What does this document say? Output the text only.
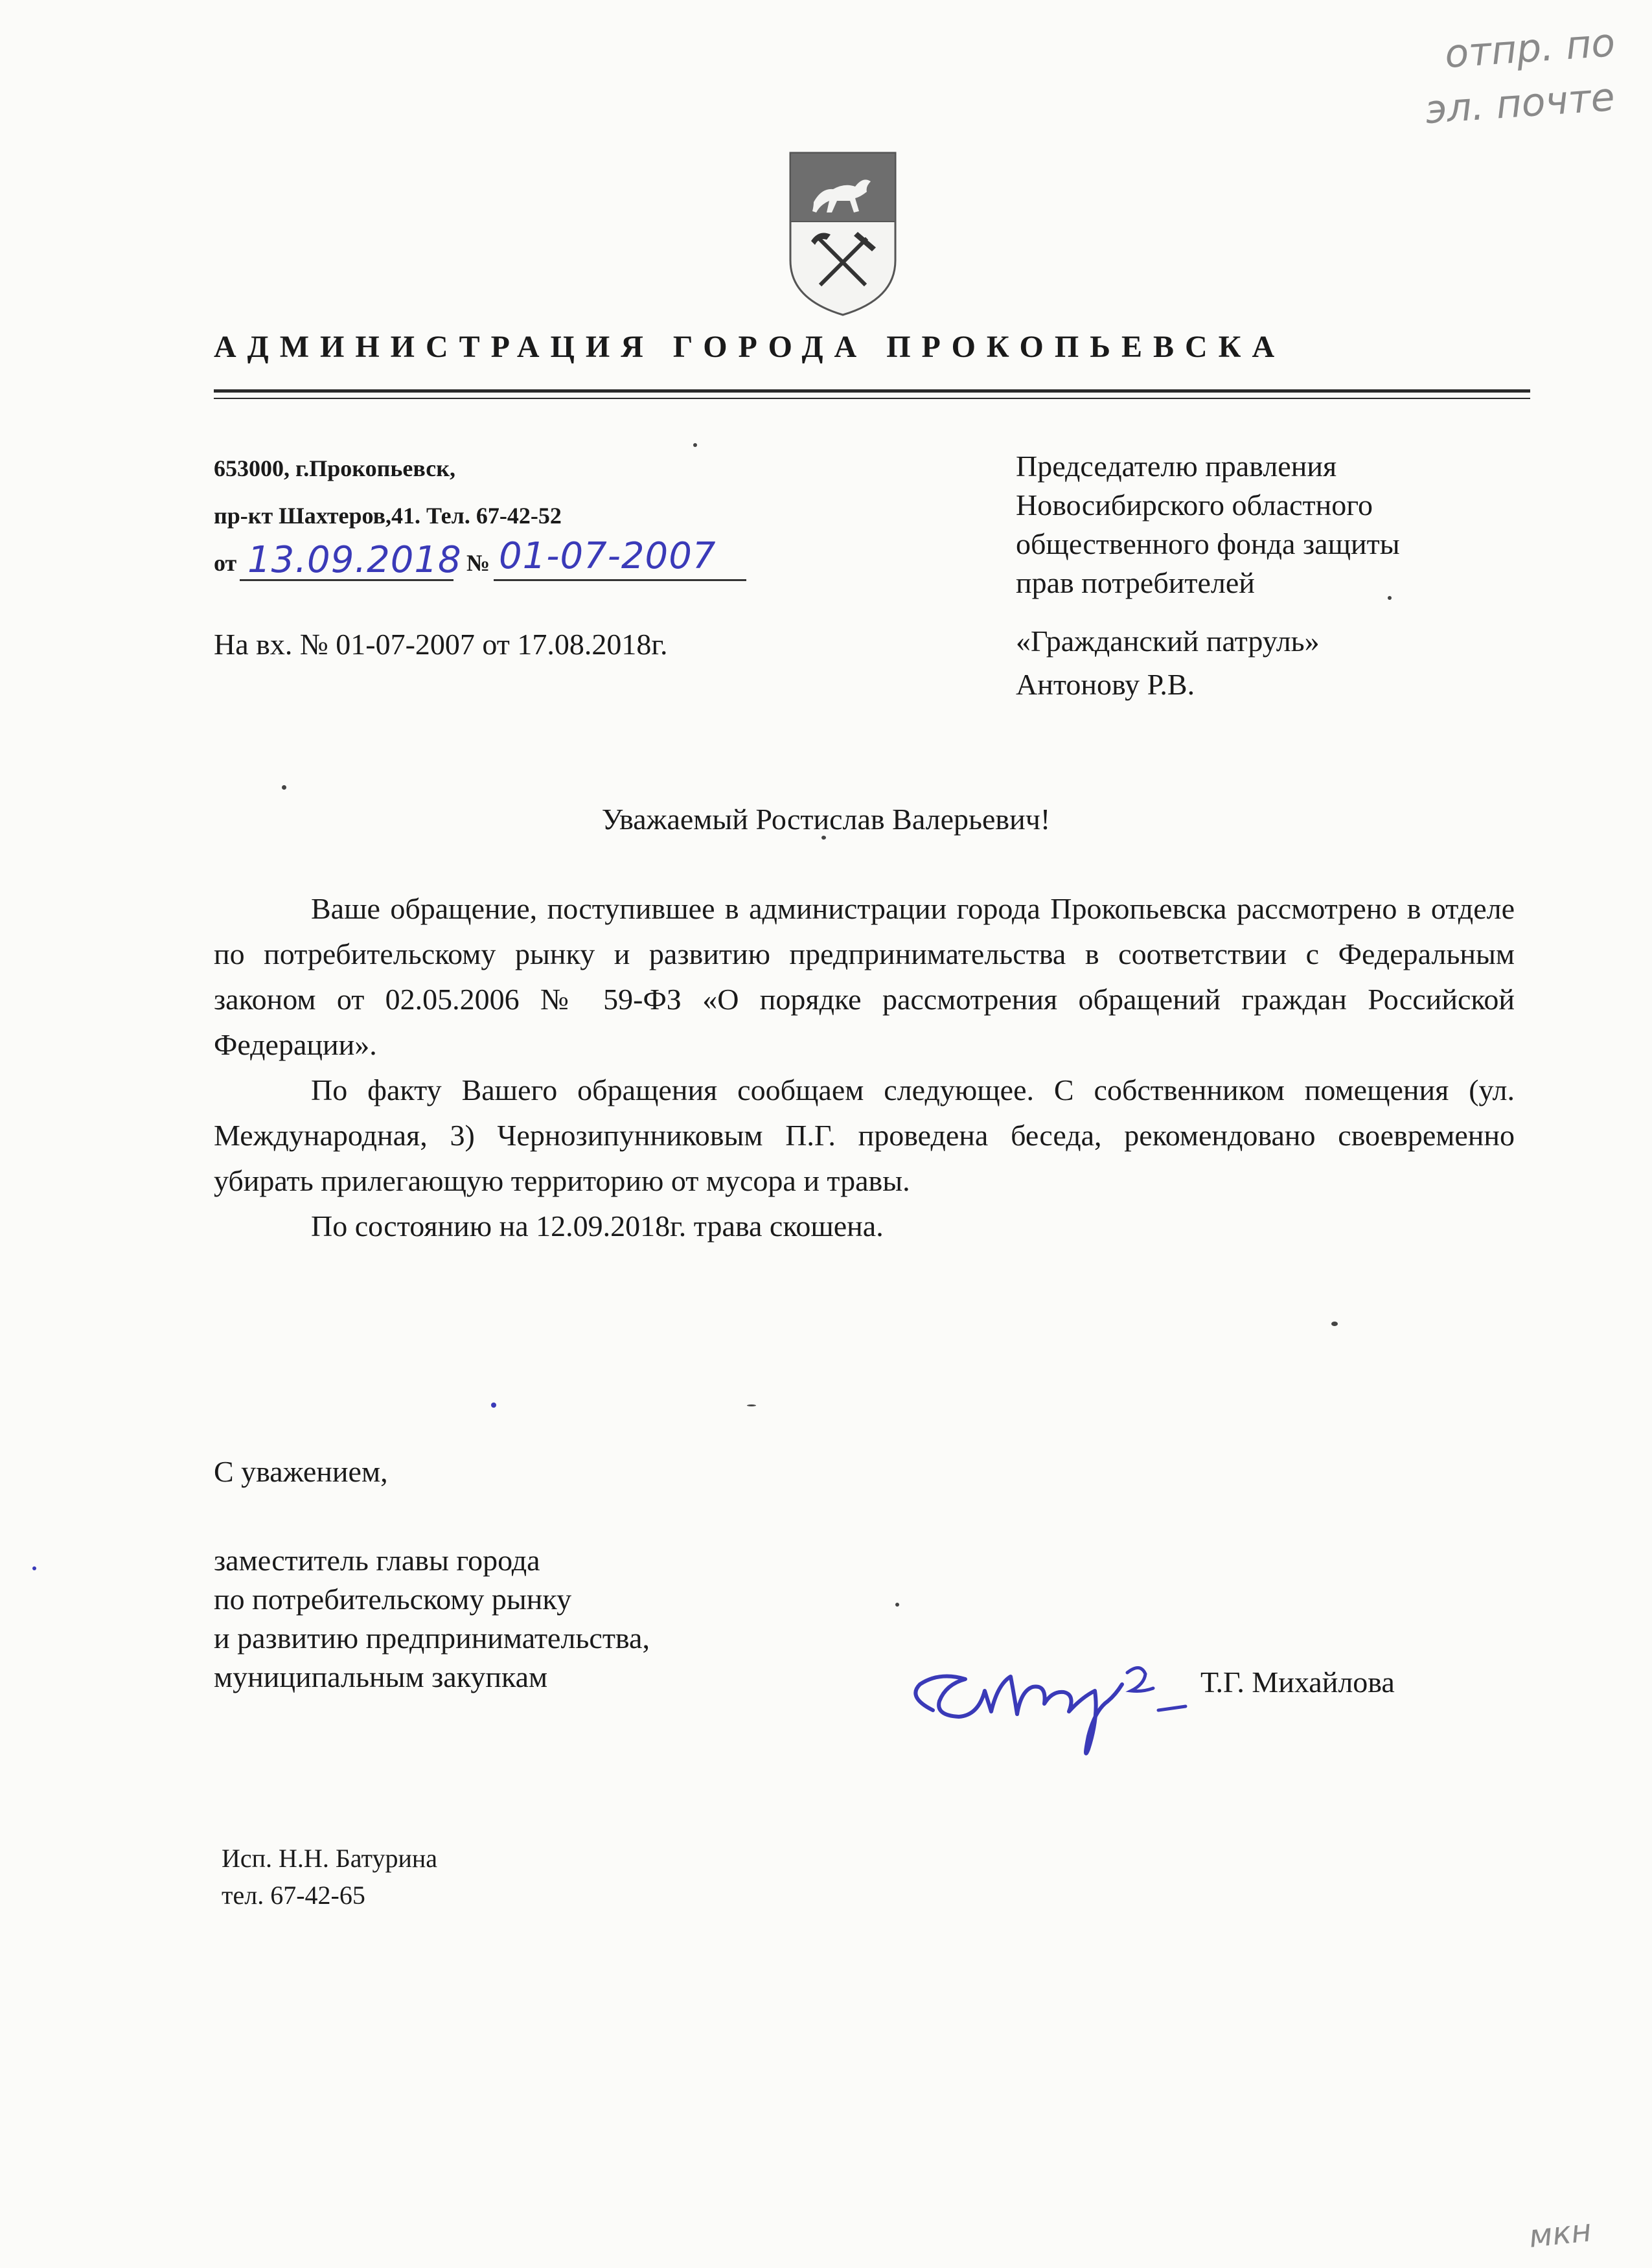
отпр. по
эл. почте
АДМИНИСТРАЦИЯ ГОРОДА ПРОКОПЬЕВСКА
653000, г.Прокопьевск,
пр-кт Шахтеров,41. Тел. 67-42-52
от 13.09.2018 № 01-07-2007
На вх. № 01-07-2007 от 17.08.2018г.
Председателю правления
Новосибирского областного
общественного фонда защиты
прав потребителей
«Гражданский патруль»
Антонову Р.В.
Уважаемый Ростислав Валерьевич!

Ваше обращение, поступившее в администрации города Прокопьевска рассмотрено в отделе по потребительскому рынку и развитию предпринимательства в соответствии с Федеральным законом от 02.05.2006 № 59-ФЗ «О порядке рассмотрения обращений граждан Российской Федерации».

По факту Вашего обращения сообщаем следующее. С собственником помещения (ул. Международная, 3) Чернозипунниковым П.Г. проведена беседа, рекомендовано своевременно убирать прилегающую территорию от мусора и травы.

По состоянию на 12.09.2018г. трава скошена.

С уважением,
заместитель главы города
по потребительскому рынку
и развитию предпринимательства,
муниципальным закупкам	Т.Г. Михайлова
Исп. Н.Н. Батурина
тел. 67-42-65
мкн
